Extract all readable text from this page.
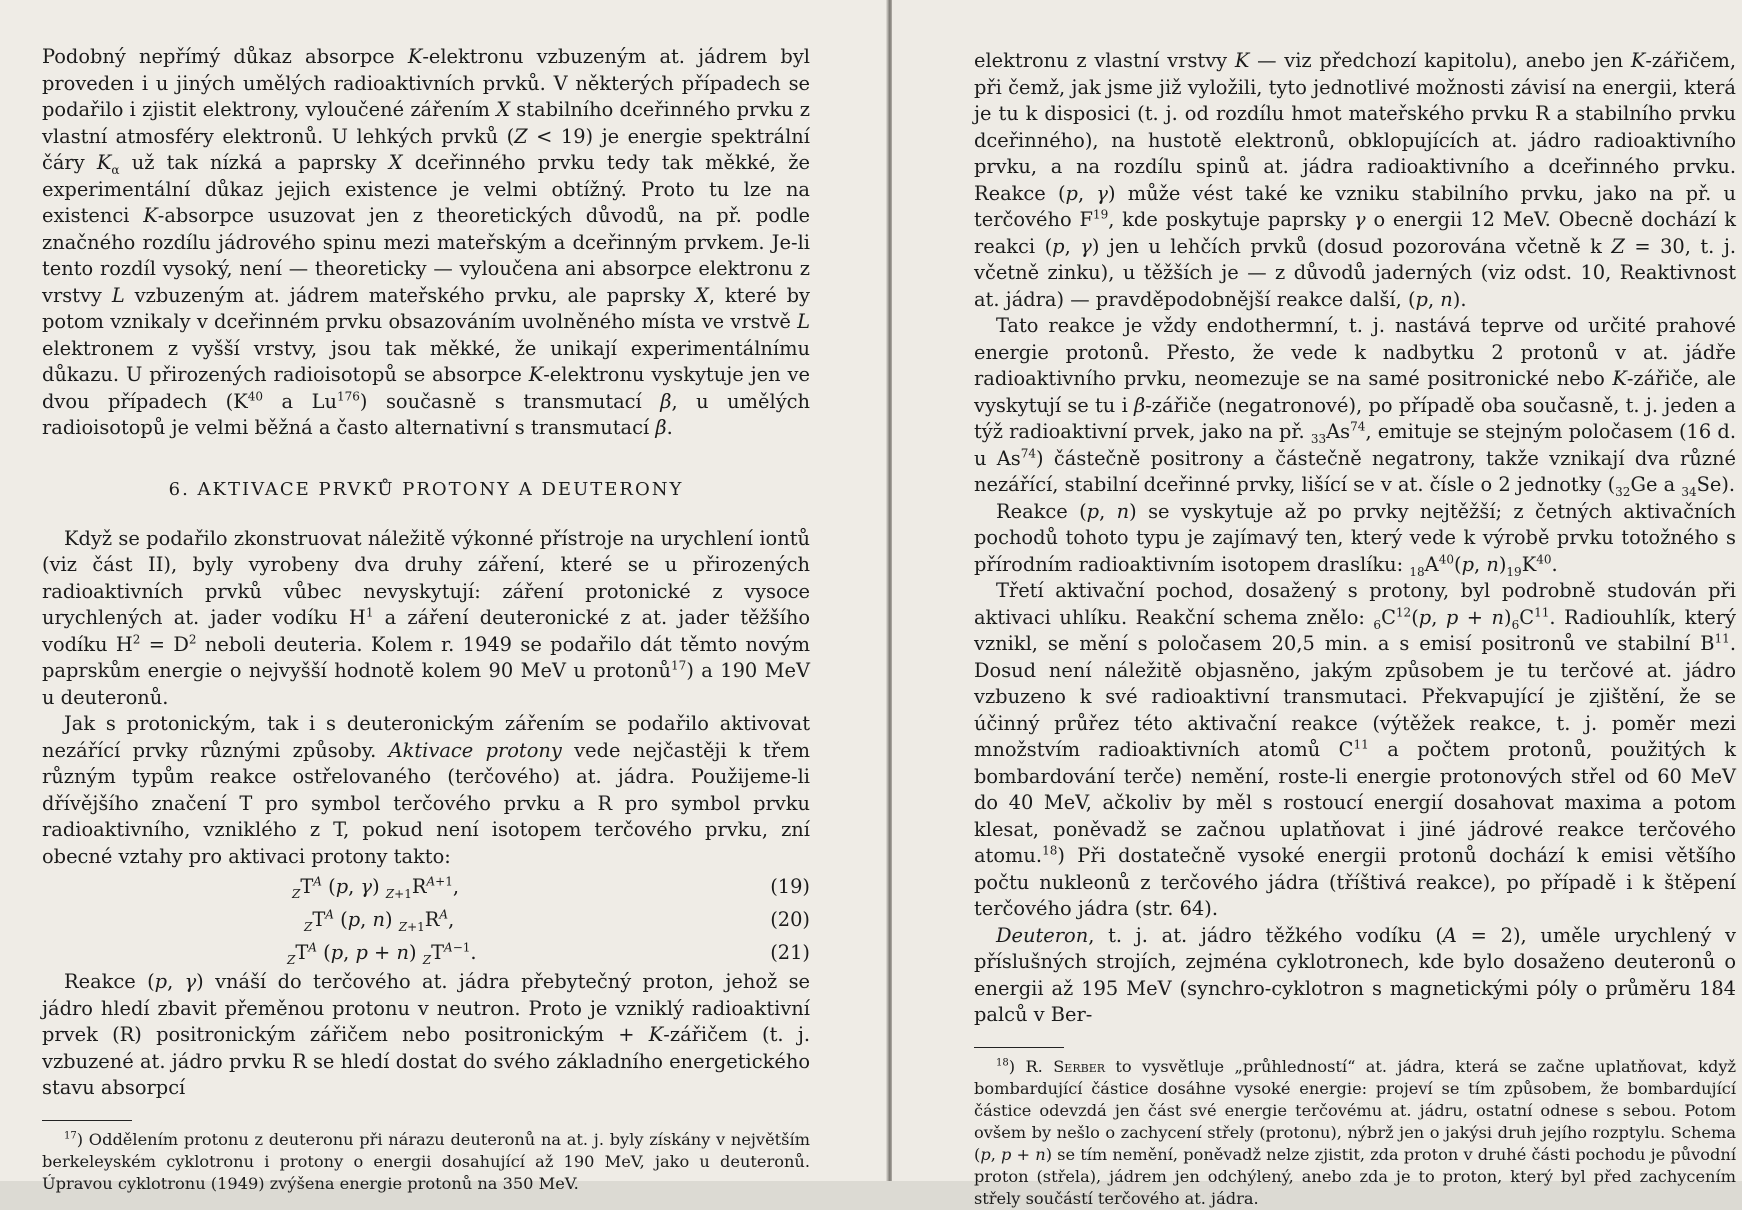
Podobný nepřímý důkaz absorpce K-elektronu vzbuzeným at. jádrem byl proveden i u jiných umělých radioaktivních prvků. V některých případech se podařilo i zjistit elektrony, vyloučené zářením X stabilního dceřinného prvku z vlastní atmosféry elektronů. U lehkých prvků (Z < 19) je energie spektrální čáry $K_\alpha$ už tak nízká a paprsky X dceřinného prvku tedy tak měkké, že experimentální důkaz jejich existence je velmi obtížný. Proto tu lze na existenci K-absorpce usuzovat jen z theoretických důvodů, na př. podle značného rozdílu jádrového spinu mezi mateřským a dceřinným prvkem. Je-li tento rozdíl vysoký, není — theoreticky — vyloučena ani absorpce elektronu z vrstvy L vzbuzeným at. jádrem mateřského prvku, ale paprsky X, které by potom vznikaly v dceřinném prvku obsazováním uvolněného místa ve vrstvě L elektronem z vyšší vrstvy, jsou tak měkké, že unikají experimentálnímu důkazu. U přirozených radioisotopů se absorpce K-elektronu vyskytuje jen ve dvou případech ($K^{40}$ a Lu$^{176}$) současně s transmutací β, u umělých radioisotopů je velmi běžná a často alternativní s transmutací β.

6. AKTIVACE PRVKŮ PROTONY A DEUTERONY

Když se podařilo zkonstruovat náležitě výkonné přístroje na urychlení iontů (viz část II), byly vyrobeny dva druhy záření, které se u přirozených radioaktivních prvků vůbec nevyskytují: záření protonické z vysoce urychlených at. jader vodíku $H^1$ a záření deuteronické z at. jader těžšího vodíku $H^2 = D^2$ neboli deuteria. Kolem r. 1949 se podařilo dát těmto novým paprskům energie o nejvyšší hodnotě kolem 90 MeV u protonů$^{17}$) a 190 MeV u deuteronů.

Jak s protonickým, tak i s deuteronickým zářením se podařilo aktivovat nezářící prvky různými způsoby. Aktivace protony vede nejčastěji k třem různým typům reakce ostřelovaného (terčového) at. jádra. Použijeme-li dřívějšího značení T pro symbol terčového prvku a R pro symbol prvku radioaktivního, vzniklého z T, pokud není isotopem terčového prvku, zní obecné vztahy pro aktivaci protony takto:

$_ZT^A$ (p, γ) $_{Z+1}R^{A+1}$,	(19)
$_ZT^A$ (p, n) $_{Z+1}R^A$,	(20)
$_ZT^A$ (p, p + n) $_ZT^{A-1}$.	(21)

Reakce (p, γ) vnáší do terčového at. jádra přebytečný proton, jehož se jádro hledí zbavit přeměnou protonu v neutron. Proto je vzniklý radioaktivní prvek (R) positronickým zářičem nebo positronickým + K-zářičem (t. j. vzbuzené at. jádro prvku R se hledí dostat do svého základního energetického stavu absorpcí

$^{17}$) Oddělením protonu z deuteronu při nárazu deuteronů na at. j. byly získány v největším berkeleyském cyklotronu i protony o energii dosahující až 190 MeV, jako u deuteronů. Úpravou cyklotronu (1949) zvýšena energie protonů na 350 MeV.

elektronu z vlastní vrstvy K — viz předchozí kapitolu), anebo jen K-zářičem, při čemž, jak jsme již vyložili, tyto jednotlivé možnosti závisí na energii, která je tu k disposici (t. j. od rozdílu hmot mateřského prvku R a stabilního prvku dceřinného), na hustotě elektronů, obklopujících at. jádro radioaktivního prvku, a na rozdílu spinů at. jádra radioaktivního a dceřinného prvku. Reakce (p, γ) může vést také ke vzniku stabilního prvku, jako na př. u terčového $F^{19}$, kde poskytuje paprsky γ o energii 12 MeV. Obecně dochází k reakci (p, γ) jen u lehčích prvků (dosud pozorována včetně k Z = 30, t. j. včetně zinku), u těžších je — z důvodů jaderných (viz odst. 10, Reaktivnost at. jádra) — pravděpodobnější reakce další, (p, n).

Tato reakce je vždy endothermní, t. j. nastává teprve od určité prahové energie protonů. Přesto, že vede k nadbytku 2 protonů v at. jádře radioaktivního prvku, neomezuje se na samé positronické nebo K-zářiče, ale vyskytují se tu i β-zářiče (negatronové), po případě oba současně, t. j. jeden a týž radioaktivní prvek, jako na př. $_{33}As^{74}$, emituje se stejným poločasem (16 d. u As$^{74}$) částečně positrony a částečně negatrony, takže vznikají dva různé nezářící, stabilní dceřinné prvky, lišící se v at. čísle o 2 jednotky ($_{32}Ge$ a $_{34}$Se).

Reakce (p, n) se vyskytuje až po prvky nejtěžší; z četných aktivačních pochodů tohoto typu je zajímavý ten, který vede k výrobě prvku totožného s přírodním radioaktivním isotopem draslíku: $_{18}A^{40}(p$, $n)_{19}K^{40}$.

Třetí aktivační pochod, dosažený s protony, byl podrobně studován při aktivaci uhlíku. Reakční schema znělo: $_6C^{12}(p$, $p + n)_6C^{11}$. Radiouhlík, který vznikl, se mění s poločasem 20,5 min. a s emisí positronů ve stabilní $B^{11}$. Dosud není náležitě objasněno, jakým způsobem je tu terčové at. jádro vzbuzeno k své radioaktivní transmutaci. Překvapující je zjištění, že se účinný průřez této aktivační reakce (výtěžek reakce, t. j. poměr mezi množstvím radioaktivních atomů $C^{11}$ a počtem protonů, použitých k bombardování terče) nemění, roste-li energie protonových střel od 60 MeV do 40 MeV, ačkoliv by měl s rostoucí energií dosahovat maxima a potom klesat, poněvadž se začnou uplatňovat i jiné jádrové reakce terčového atomu.$^{18}$) Při dostatečně vysoké energii protonů dochází k emisi většího počtu nukleonů z terčového jádra (tříštivá reakce), po případě i k štěpení terčového jádra (str. 64).

Deuteron, t. j. at. jádro těžkého vodíku (A = 2), uměle urychlený v příslušných strojích, zejména cyklotronech, kde bylo dosaženo deuteronů o energii až 195 MeV (synchro-cyklotron s magnetickými póly o průměru 184 palců v Ber-

$^{18}$) R. Serber to vysvětluje „průhledností“ at. jádra, která se začne uplatňovat, když bombardující částice dosáhne vysoké energie: projeví se tím způsobem, že bombardující částice odevzdá jen část své energie terčovému at. jádru, ostatní odnese s sebou. Potom ovšem by nešlo o zachycení střely (protonu), nýbrž jen o jakýsi druh jejího rozptylu. Schema (p, p + n) se tím nemění, poněvadž nelze zjistit, zda proton v druhé části pochodu je původní proton (střela), jádrem jen odchýlený, anebo zda je to proton, který byl před zachycením střely součástí terčového at. jádra.
